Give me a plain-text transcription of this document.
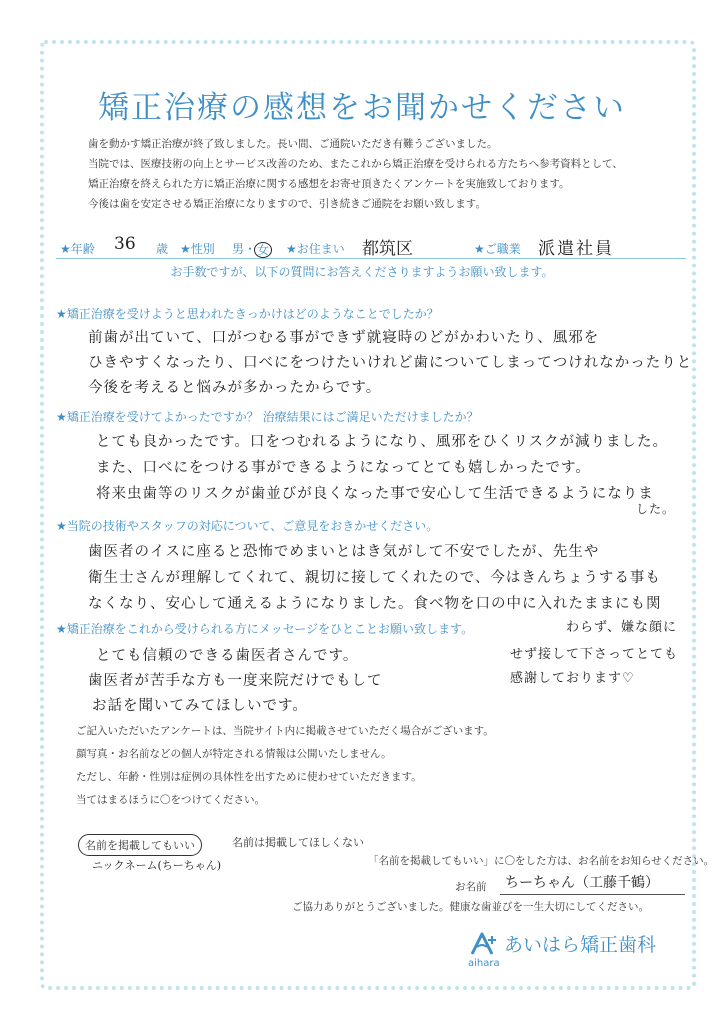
矯正治療の感想をお聞かせください
歯を動かす矯正治療が終了致しました。長い間、ご通院いただき有難うございました。
当院では、医療技術の向上とサービス改善のため、またこれから矯正治療を受けられる方たちへ参考資料として、
矯正治療を終えられた方に矯正治療に関する感想をお寄せ頂きたくアンケートを実施致しております。
今後は歯を安定させる矯正治療になりますので、引き続きご通院をお願い致します。
★年齢 36 歳 ★性別 男・ 女 ★お住まい 都筑区	★ご職業 派遣社員
お手数ですが、以下の質問にお答えくださりますようお願い致します。
★矯正治療を受けようと思われたきっかけはどのようなことでしたか？
前歯が出ていて、口がつむる事ができず就寝時のどがかわいたり、風邪を
ひきやすくなったり、口べにをつけたいけれど歯についてしまってつけれなかったりと
今後を考えると悩みが多かったからです。
★矯正治療を受けてよかったですか？ 治療結果にはご満足いただけましたか？
とても良かったです。口をつむれるようになり、風邪をひくリスクが減りました。
また、口べにをつける事ができるようになってとても嬉しかったです。
将来虫歯等のリスクが歯並びが良くなった事で安心して生活できるようになりま
した。
★当院の技術やスタッフの対応について、ご意見をおきかせください。
歯医者のイスに座ると恐怖でめまいとはき気がして不安でしたが、先生や
衛生士さんが理解してくれて、親切に接してくれたので、今はきんちょうする事も
なくなり、安心して通えるようになりました。食べ物を口の中に入れたままにも関
わらず、嫌な顔に
せず接して下さってとても
感謝しております♡
★矯正治療をこれから受けられる方にメッセージをひとことお願い致します。
とても信頼のできる歯医者さんです。
歯医者が苦手な方も一度来院だけでもして
お話を聞いてみてほしいです。
ご記入いただいたアンケートは、当院サイト内に掲載させていただく場合がございます。
顔写真・お名前などの個人が特定される情報は公開いたしません。
ただし、年齢・性別は症例の具体性を出すために使わせていただきます。
当てはまるほうに〇をつけてください。
名前を掲載してもいい	名前は掲載してほしくない
ニックネーム(ちーちゃん)	「名前を掲載してもいい」に〇をした方は、お名前をお知らせください。
お名前 ちーちゃん（工藤千鶴）
ご協力ありがとうございました。健康な歯並びを一生大切にしてください。
aihara
あいはら矯正歯科
